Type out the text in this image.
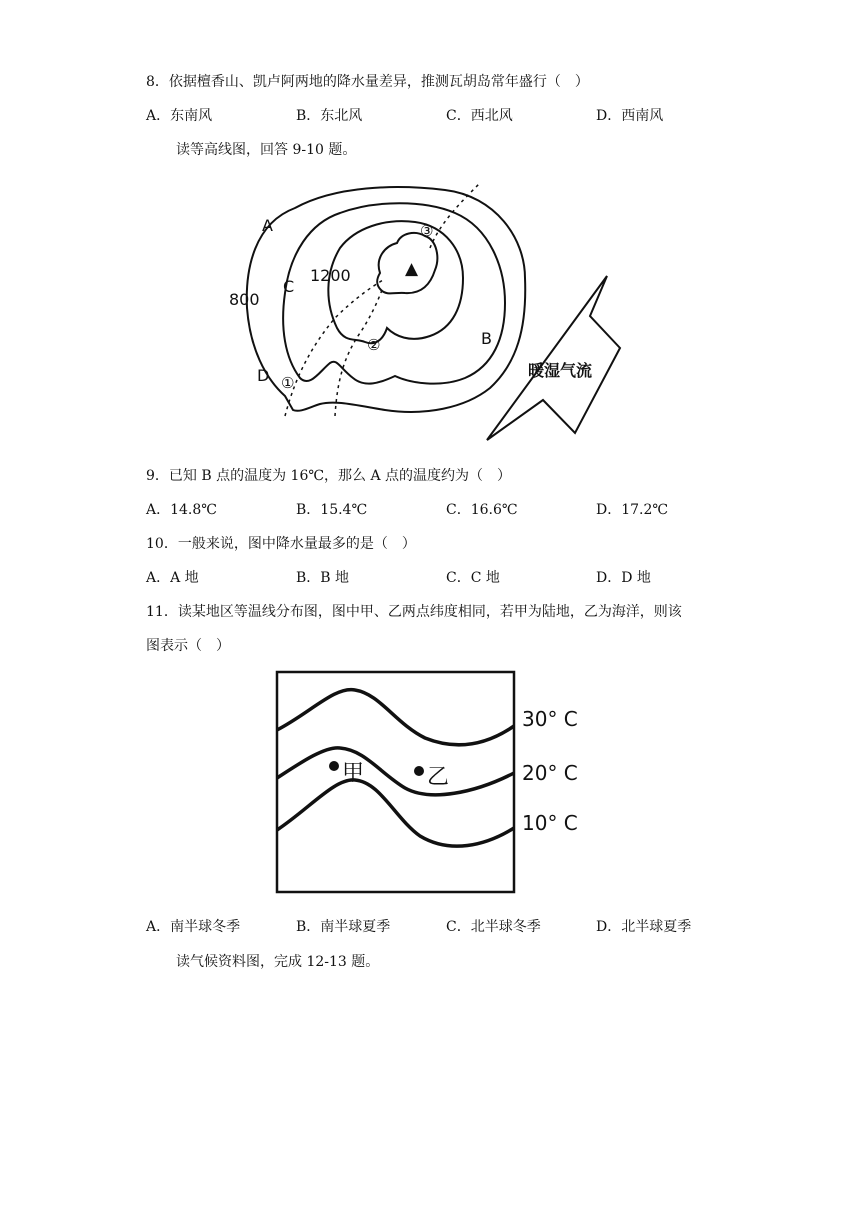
8．依据檀香山、凯卢阿两地的降水量差异，推测瓦胡岛常年盛行（　）
A．东南风	B．东北风	C．西北风	D．西南风
读等高线图，回答 9-10 题。
暖湿气流
A
B
C
D
1200
800
①
②
③
▲
9．已知 B 点的温度为 16℃，那么 A 点的温度约为（　）
A．14.8℃	B．15.4℃	C．16.6℃	D．17.2℃
10．一般来说，图中降水量最多的是（　）
A．A 地	B．B 地	C．C 地	D．D 地
11．读某地区等温线分布图，图中甲、乙两点纬度相同，若甲为陆地，乙为海洋，则该
图表示（　）
甲	乙
30° C
20° C
10° C
A．南半球冬季	B．南半球夏季	C．北半球冬季	D．北半球夏季
读气候资料图，完成 12-13 题。
